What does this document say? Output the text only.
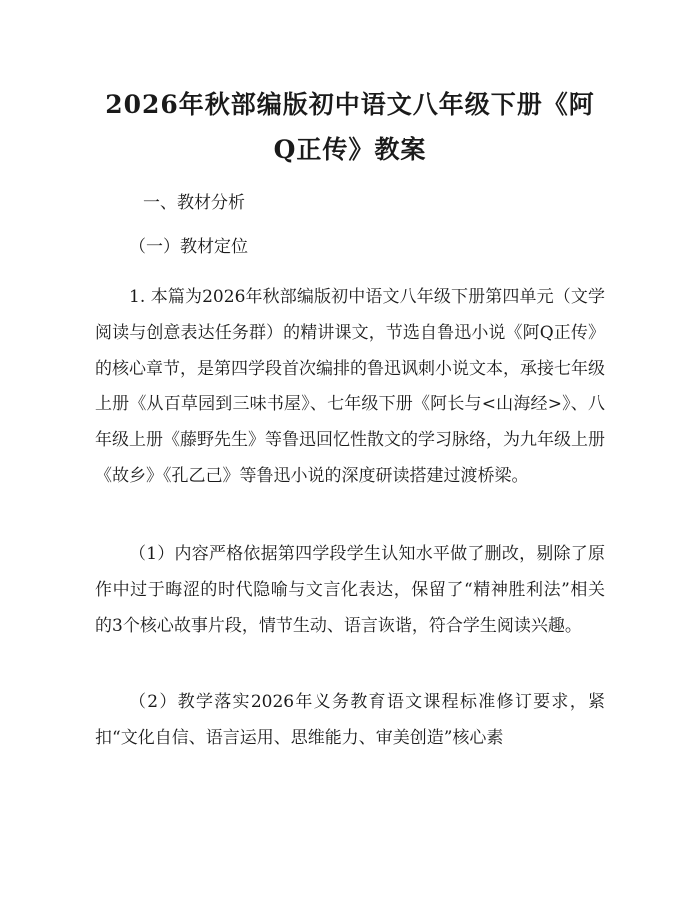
2026年秋部编版初中语文八年级下册《阿Q正传》教案

一、教材分析

（一）教材定位

1. 本篇为2026年秋部编版初中语文八年级下册第四单元（文学阅读与创意表达任务群）的精讲课文，节选自鲁迅小说《阿Q正传》的核心章节，是第四学段首次编排的鲁迅讽刺小说文本，承接七年级上册《从百草园到三味书屋》、七年级下册《阿长与<山海经>》、八年级上册《藤野先生》等鲁迅回忆性散文的学习脉络，为九年级上册《故乡》《孔乙己》等鲁迅小说的深度研读搭建过渡桥梁。

（1）内容严格依据第四学段学生认知水平做了删改，剔除了原作中过于晦涩的时代隐喻与文言化表达，保留了“精神胜利法”相关的3个核心故事片段，情节生动、语言诙谐，符合学生阅读兴趣。

（2）教学落实2026年义务教育语文课程标准修订要求，紧扣“文化自信、语言运用、思维能力、审美创造”核心素
